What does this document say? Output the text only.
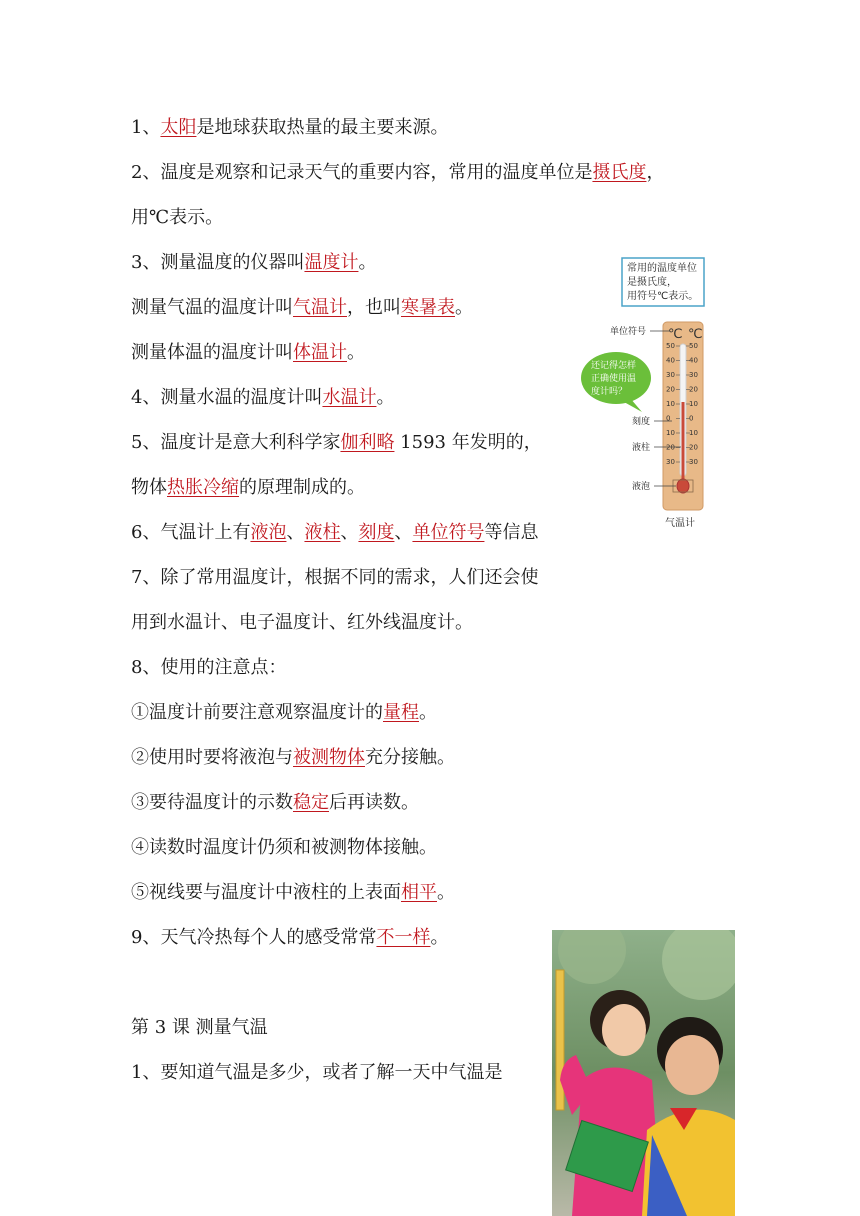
1、太阳是地球获取热量的最主要来源。
2、温度是观察和记录天气的重要内容，常用的温度单位是摄氏度，
用℃表示。
3、测量温度的仪器叫温度计。
测量气温的温度计叫气温计，也叫寒暑表。
测量体温的温度计叫体温计。
4、测量水温的温度计叫水温计。
5、温度计是意大利科学家伽利略 1593 年发明的，
物体热胀冷缩的原理制成的。
6、气温计上有液泡、液柱、刻度、单位符号等信息
7、除了常用温度计，根据不同的需求，人们还会使
用到水温计、电子温度计、红外线温度计。
8、使用的注意点：
①温度计前要注意观察温度计的量程。
②使用时要将液泡与被测物体充分接触。
③要待温度计的示数稳定后再读数。
④读数时温度计仍须和被测物体接触。
⑤视线要与温度计中液柱的上表面相平。
9、天气冷热每个人的感受常常不一样。
第 3 课 测量气温
1、要知道气温是多少，或者了解一天中气温是
常用的温度单位
是摄氏度，
用符号℃表示。
℃ ℃
50 50
40 40
30 30
20 20
10 10
0	0
10 10
20 20
30 30
单位符号
刻度
液柱
液泡
还记得怎样
正确使用温
度计吗？
气温计
